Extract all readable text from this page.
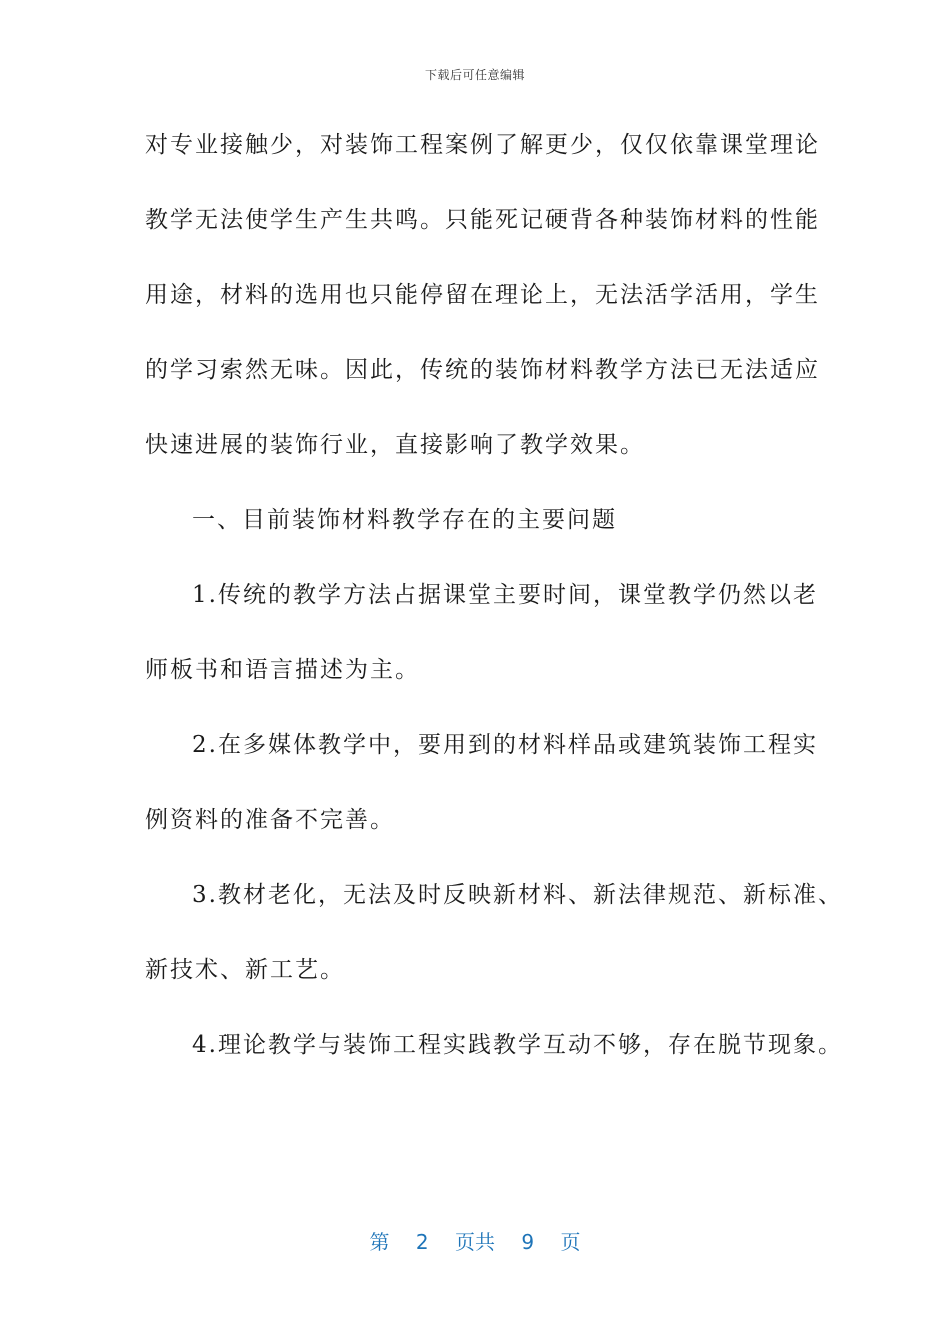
下载后可任意编辑
对专业接触少，对装饰工程案例了解更少，仅仅依靠课堂理论
教学无法使学生产生共鸣。只能死记硬背各种装饰材料的性能
用途，材料的选用也只能停留在理论上，无法活学活用，学生
的学习索然无味。因此，传统的装饰材料教学方法已无法适应
快速进展的装饰行业，直接影响了教学效果。
一、目前装饰材料教学存在的主要问题
1.传统的教学方法占据课堂主要时间，课堂教学仍然以老
师板书和语言描述为主。
2.在多媒体教学中，要用到的材料样品或建筑装饰工程实
例资料的准备不完善。
3.教材老化，无法及时反映新材料、新法律规范、新标准、
新技术、新工艺。
4.理论教学与装饰工程实践教学互动不够，存在脱节现象。
第 2 页共 9 页
